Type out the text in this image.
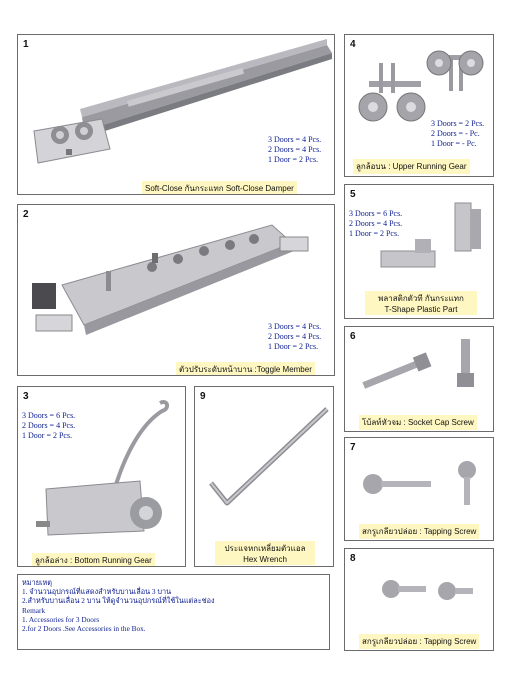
1
3 Doors = 4 Pcs.
2 Doors = 4 Pcs.
1 Door = 2 Pcs.
Soft-Close กันกระแทก Soft-Close Damper
2
3 Doors = 4 Pcs.
2 Doors = 4 Pcs.
1 Door = 2 Pcs.
ตัวปรับระดับหน้าบาน :Toggle Member
3
3 Doors = 6 Pcs.
2 Doors = 4 Pcs.
1 Door = 2 Pcs.
ลูกล้อล่าง : Bottom Running Gear
9
ประแจหกเหลี่ยมตัวแอล
Hex Wrench
4
3 Doors = 2 Pcs.
2 Doors = - Pc.
1 Door = - Pc.
ลูกล้อบน : Upper Running Gear
5
3 Doors = 6 Pcs.
2 Doors = 4 Pcs.
1 Door = 2 Pcs.
พลาสติกตัวที กันกระแทก
T-Shape Plastic Part
6
โบ้ลท์หัวจม : Socket Cap Screw
7
สกรูเกลียวปล่อย : Tapping Screw
8
สกรูเกลียวปล่อย : Tapping Screw
หมายเหตุ
1. จำนวนอุปกรณ์ที่แสดงสำหรับบานเลื่อน 3 บาน
2.สำหรับบานเลื่อน 2 บาน ให้ดูจำนวนอุปกรณ์ที่ใช้ในแต่ละช่อง
Remark
1. Accessories for 3 Doors
2.for 2 Doors .See Accessories in the Box.
